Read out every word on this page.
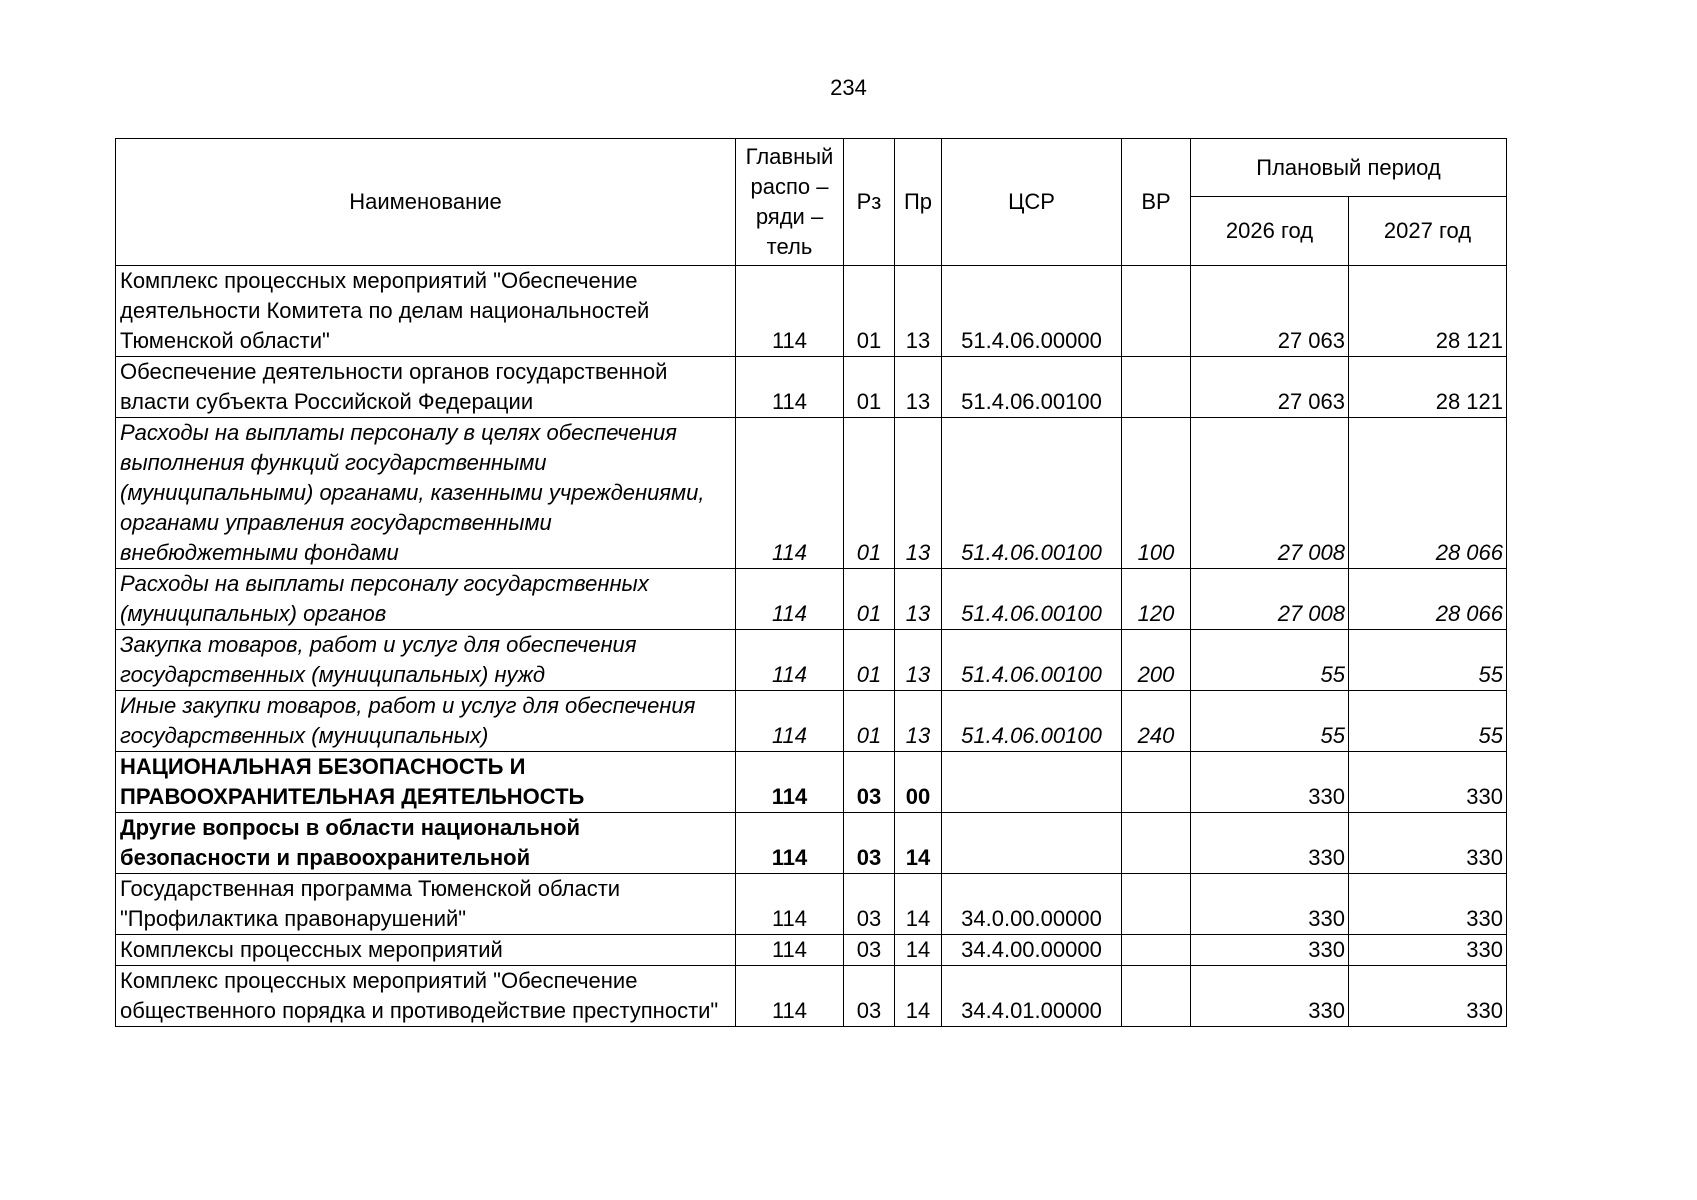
234
Наименование	Главный распо – ряди – тель	Рз	Пр	ЦСР	ВР	Плановый период	
						2026 год	2027 год
Комплекс процессных мероприятий "Обеспечение деятельности Комитета по делам национальностей Тюменской области"	114	01	13	51.4.06.00000		27 063	28 121
Обеспечение деятельности органов государственной власти субъекта Российской Федерации	114	01	13	51.4.06.00100		27 063	28 121
Расходы на выплаты персоналу в целях обеспечения выполнения функций государственными (муниципальными) органами, казенными учреждениями, органами управления государственными внебюджетными фондами	114	01	13	51.4.06.00100	100	27 008	28 066
Расходы на выплаты персоналу государственных (муниципальных) органов	114	01	13	51.4.06.00100	120	27 008	28 066
Закупка товаров, работ и услуг для обеспечения государственных (муниципальных) нужд	114	01	13	51.4.06.00100	200	55	55
Иные закупки товаров, работ и услуг для обеспечения государственных (муниципальных)	114	01	13	51.4.06.00100	240	55	55
НАЦИОНАЛЬНАЯ БЕЗОПАСНОСТЬ И ПРАВООХРАНИТЕЛЬНАЯ ДЕЯТЕЛЬНОСТЬ	114	03	00			330	330
Другие вопросы в области национальной безопасности и правоохранительной	114	03	14			330	330
Государственная программа Тюменской области "Профилактика правонарушений"	114	03	14	34.0.00.00000		330	330
Комплексы процессных мероприятий	114	03	14	34.4.00.00000		330	330
Комплекс процессных мероприятий "Обеспечение общественного порядка и противодействие преступности"	114	03	14	34.4.01.00000		330	330
